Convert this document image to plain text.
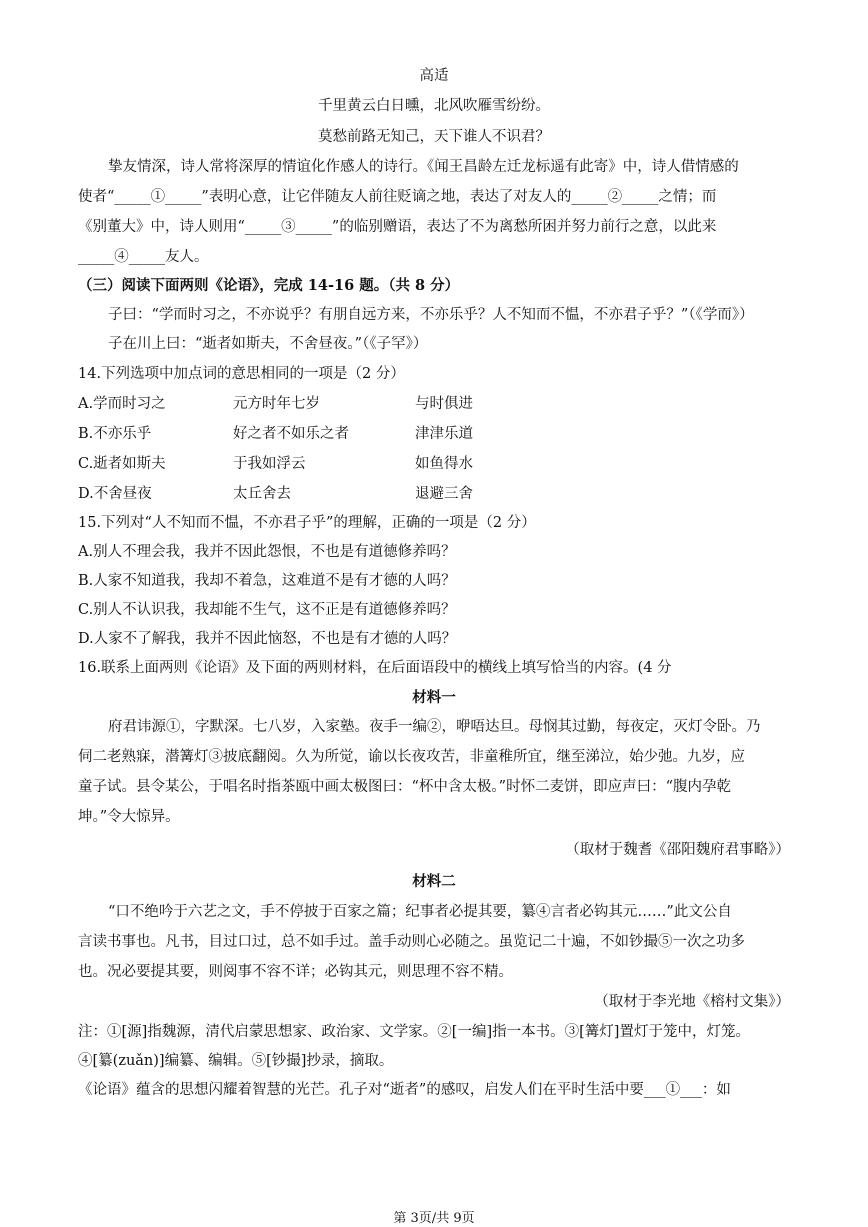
高适
千里黄云白日曛，北风吹雁雪纷纷。
莫愁前路无知己，天下谁人不识君？
挚友情深，诗人常将深厚的情谊化作感人的诗行。《闻王昌龄左迁龙标遥有此寄》中，诗人借情感的
使者“_____①_____”表明心意，让它伴随友人前往贬谪之地，表达了对友人的_____②_____之情；而
《别董大》中，诗人则用“_____③_____”的临别赠语，表达了不为离愁所困并努力前行之意，以此来
_____④_____友人。
（三）阅读下面两则《论语》，完成 14-16 题。（共 8 分）
子曰：“学而时习之，不亦说乎？有朋自远方来，不亦乐乎？人不知而不愠，不亦君子乎？”（《学而》）
子在川上曰：“逝者如斯夫，不舍昼夜。”（《子罕》）
14.下列选项中加点词的意思相同的一项是（2 分）
A.学而时习之	元方时年七岁	与时俱进
B.不亦乐乎	好之者不如乐之者	津津乐道
C.逝者如斯夫	于我如浮云	如鱼得水
D.不舍昼夜	太丘舍去	退避三舍
15.下列对“人不知而不愠，不亦君子乎”的理解，正确的一项是（2 分）
A.别人不理会我，我并不因此怨恨，不也是有道德修养吗？
B.人家不知道我，我却不着急，这难道不是有才德的人吗？
C.别人不认识我，我却能不生气，这不正是有道德修养吗？
D.人家不了解我，我并不因此恼怒，不也是有才德的人吗？
16.联系上面两则《论语》及下面的两则材料，在后面语段中的横线上填写恰当的内容。(4 分
材料一
府君讳源①，字默深。七八岁，入家塾。夜手一编②，咿唔达旦。母悯其过勤，每夜定，灭灯令卧。乃
伺二老熟寐，潜篝灯③披底翻阅。久为所觉，谕以长夜攻苦，非童稚所宜，继至涕泣，始少弛。九岁，应
童子试。县令某公，于唱名时指茶瓯中画太极图曰：“杯中含太极。”时怀二麦饼，即应声曰：“腹内孕乾
坤。”令大惊异。
（取材于魏耆《邵阳魏府君事略》）
材料二
“口不绝吟于六艺之文，手不停披于百家之篇；纪事者必提其要，纂④言者必钩其元……”此文公自
言读书事也。凡书，目过口过，总不如手过。盖手动则心必随之。虽览记二十遍，不如钞撮⑤一次之功多
也。况必要提其要，则阅事不容不详；必钩其元，则思理不容不精。
（取材于李光地《榕村文集》）
注：①[源]指魏源，清代启蒙思想家、政治家、文学家。②[一编]指一本书。③[篝灯]置灯于笼中，灯笼。
④[纂(zuǎn)]编纂、编辑。⑤[钞撮]抄录，摘取。
《论语》蕴含的思想闪耀着智慧的光芒。孔子对“逝者”的感叹，启发人们在平时生活中要___①___：如
第 3页/共 9页
